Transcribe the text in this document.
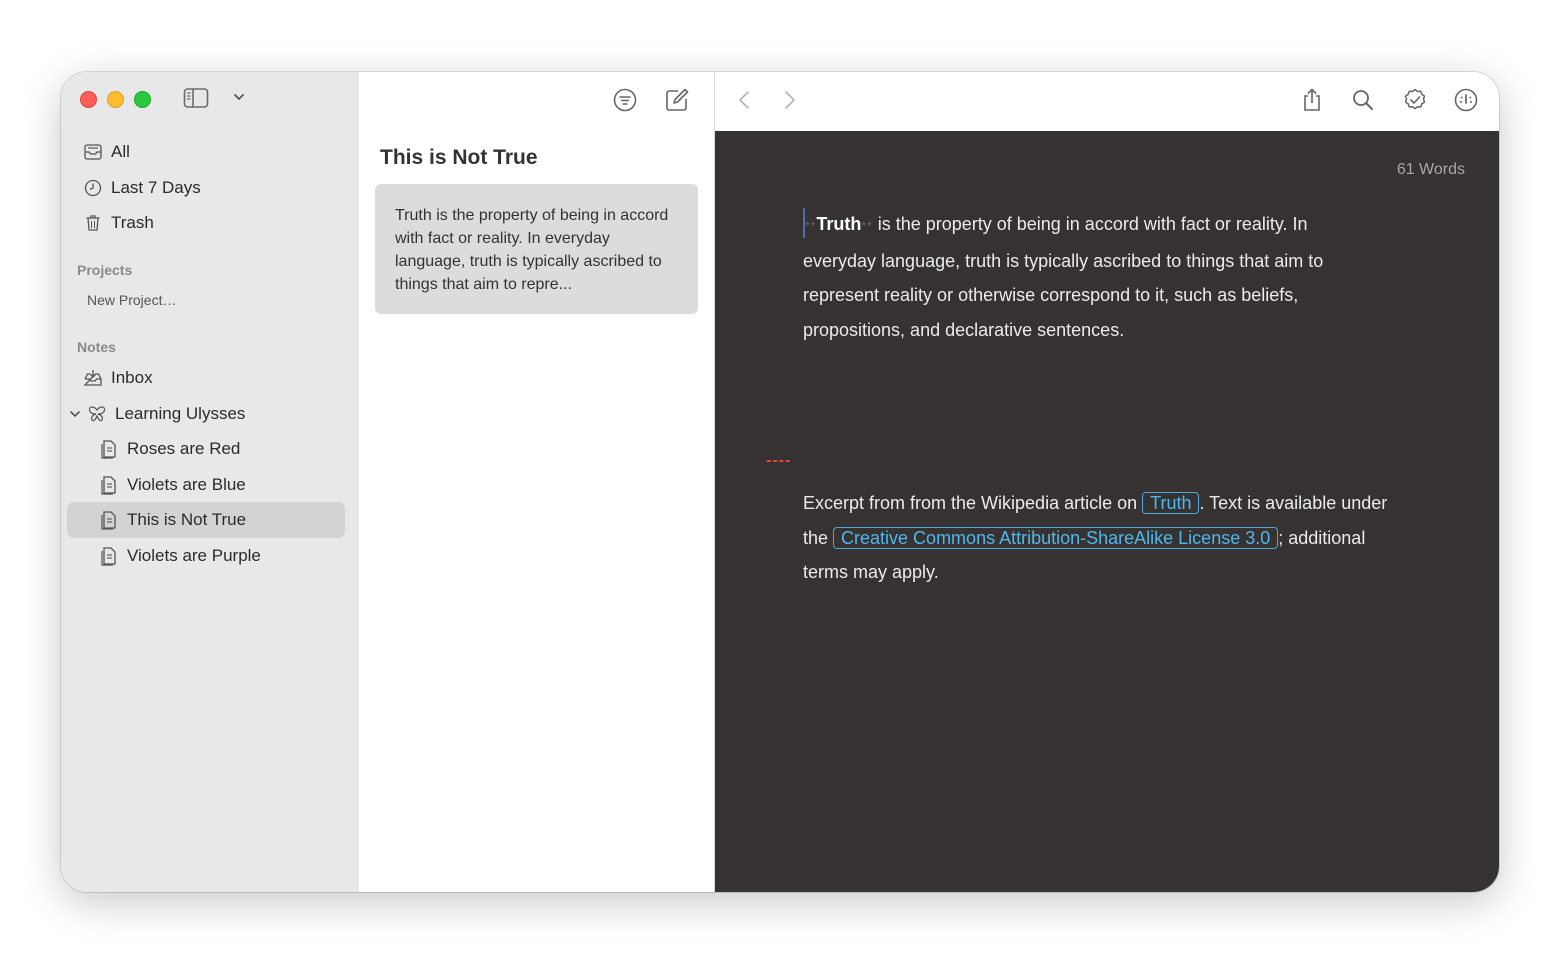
All
Last 7 Days
Trash
Projects
New Project…
Notes
Inbox
Learning Ulysses
Roses are Red
Violets are Blue
This is Not True
Violets are Purple
This is Not True
Truth is the property of being in accord with fact or reality. In everyday language, truth is typically ascribed to things that aim to repre...
61 Words
**Truth** is the property of being in accord with fact or reality. In everyday language, truth is typically ascribed to things that aim to represent reality or otherwise correspond to it, such as beliefs, propositions, and declarative sentences.
----
Excerpt from from the Wikipedia article on Truth . Text is available under the Creative Commons Attribution-ShareAlike License 3.0 ; additional terms may apply.
